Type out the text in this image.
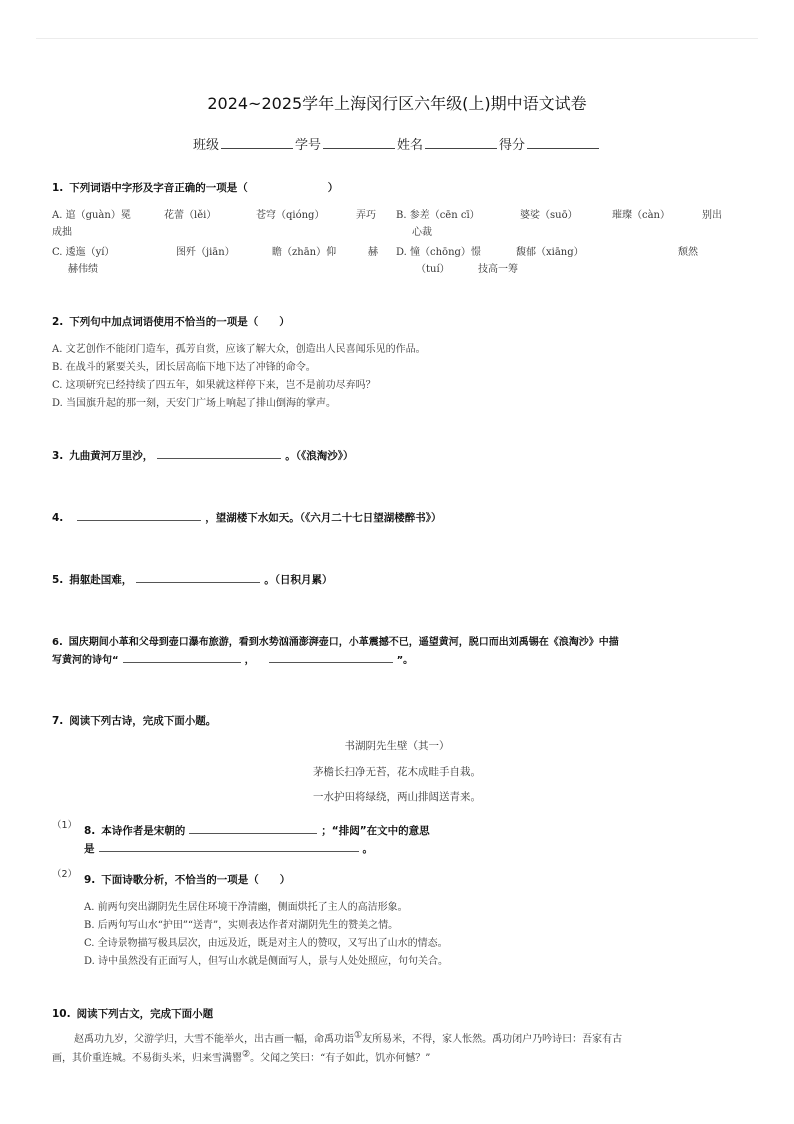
2024~2025学年上海闵行区六年级(上)期中语文试卷
班级	学号	姓名	得分
1. 下列词语中字形及字音正确的一项是（	）
A. 逭（guàn）冕	花蕾（lěi）	苍穹（qióng）	弄巧
成拙
B. 参差（cēn cī）	婆娑（suō）	璀璨（càn）	别出
心裁
C. 逶迤（yí）	图歼（jiān）	瞻（zhān）仰	赫
赫伟绩
D. 憧（chōng）憬	馥郁（xiāng）	颓然
（tuí）	技高一筹
2. 下列句中加点词语使用不恰当的一项是（　　）
A. 文艺创作不能闭门造车，孤芳自赏，应该了解大众，创造出人民喜闻乐见的作品。
B. 在战斗的紧要关头，团长居高临下地下达了冲锋的命令。
C. 这项研究已经持续了四五年，如果就这样停下来，岂不是前功尽弃吗？
D. 当国旗升起的那一刻，天安门广场上响起了排山倒海的掌声。
3. 九曲黄河万里沙，	。（《浪淘沙》）
4.	，望湖楼下水如天。（《六月二十七日望湖楼醉书》）
5. 捐躯赴国难，	。（日积月累）
6. 国庆期间小革和父母到壶口瀑布旅游，看到水势汹涌澎湃壶口，小革震撼不已，遥望黄河，脱口而出刘禹锡在《浪淘沙》中描
写黄河的诗句“	，	”。
7. 阅读下列古诗，完成下面小题。
书湖阴先生壁（其一）
茅檐长扫净无苔，花木成畦手自栽。
一水护田将绿绕，两山排闼送青来。
（1） 8. 本诗作者是宋朝的	；“排闼”在文中的意思
是	。
（2） 9. 下面诗歌分析，不恰当的一项是（　　）
A. 前两句突出湖阴先生居住环境干净清幽，侧面烘托了主人的高洁形象。
B. 后两句写山水“护田”“送青”，实则表达作者对湖阴先生的赞美之情。
C. 全诗景物描写极具层次，由远及近，既是对主人的赞叹，又写出了山水的情态。
D. 诗中虽然没有正面写人，但写山水就是侧面写人，景与人处处照应，句句关合。
10. 阅读下列古文，完成下面小题
赵禹功九岁，父游学归，大雪不能举火，出古画一幅，命禹功诣①友所易米，不得，家人怅然。禹功闭户乃吟诗曰：吾家有古
画，其价重连城。不易街头米，归来雪满罂②。父闻之笑曰：“有子如此，饥亦何憾？”
